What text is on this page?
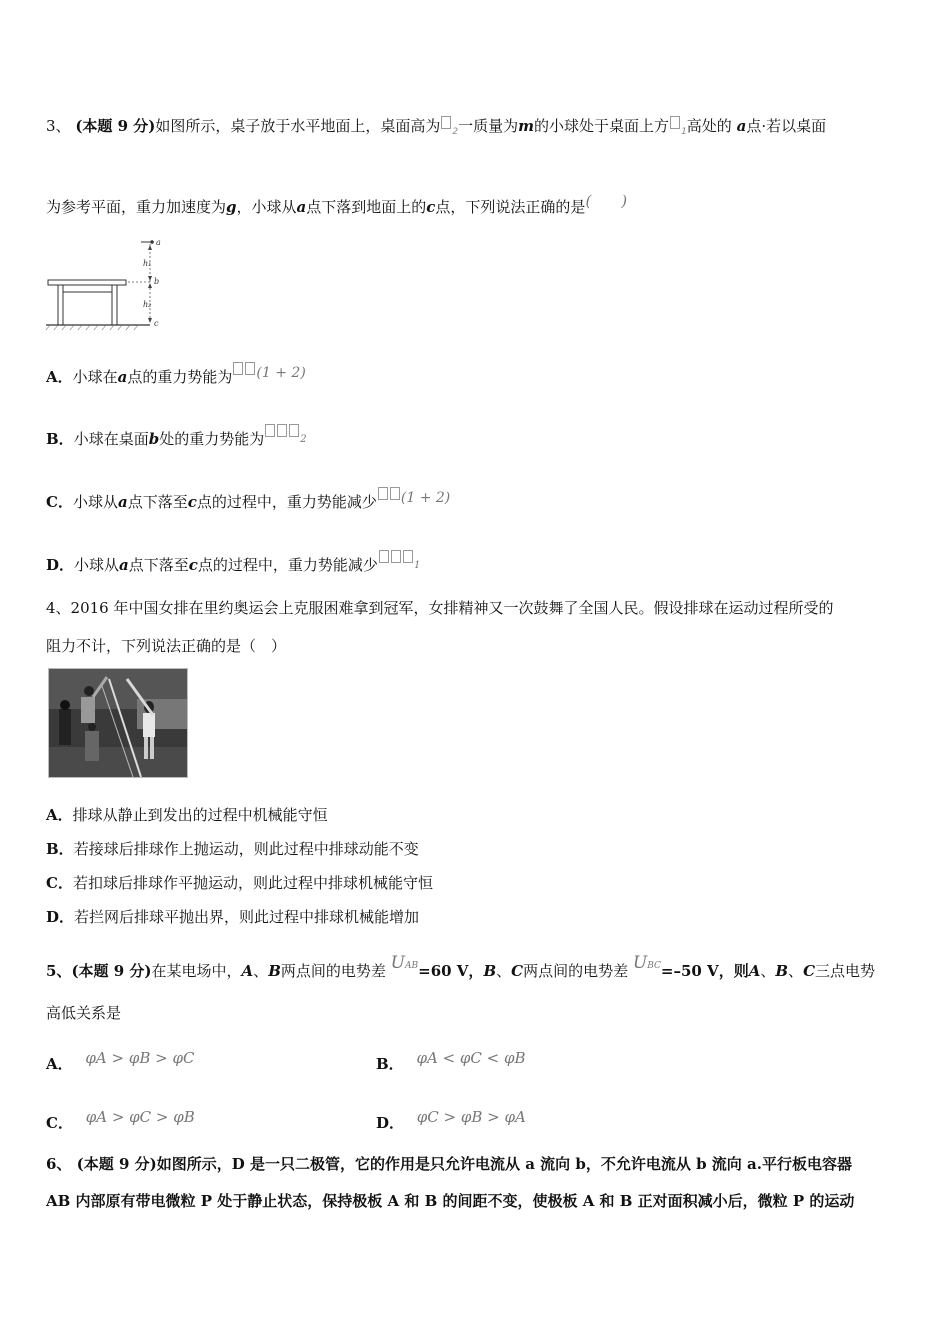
3、 (本题 9 分)如图所示，桌子放于水平地面上，桌面高为 $_2$一质量为m的小球处于桌面上方 $_1$高处的 a点·若以桌面
为参考平面，重力加速度为g，小球从a点下落到地面上的c点，下列说法正确的是(　　)
a
b
c
h₁
h₂
A．小球在a点的重力势能为 (1 + 2)
B．小球在桌面b处的重力势能为	2
C．小球从a点下落至c点的过程中，重力势能减少 (1 + 2)
D．小球从a点下落至c点的过程中，重力势能减少	1
4、2016 年中国女排在里约奥运会上克服困难拿到冠军，女排精神又一次鼓舞了全国人民。假设排球在运动过程所受的
阻力不计，下列说法正确的是（　）
A．排球从静止到发出的过程中机械能守恒
B．若接球后排球作上抛运动，则此过程中排球动能不变
C．若扣球后排球作平抛运动，则此过程中排球机械能守恒
D．若拦网后排球平抛出界，则此过程中排球机械能增加
5、(本题 9 分)在某电场中，A、B两点间的电势差 UAB=60 V，B、C两点间的电势差 UBC=–50 V，则A、B、C三点电势
高低关系是
A． φA > φB > φC	B． φA < φC < φB
C． φA > φC > φB	D． φC > φB > φA
6、 (本题 9 分)如图所示，D 是一只二极管，它的作用是只允许电流从 a 流向 b，不允许电流从 b 流向 a.平行板电容器
AB 内部原有带电微粒 P 处于静止状态，保持极板 A 和 B 的间距不变，使极板 A 和 B 正对面积减小后，微粒 P 的运动
